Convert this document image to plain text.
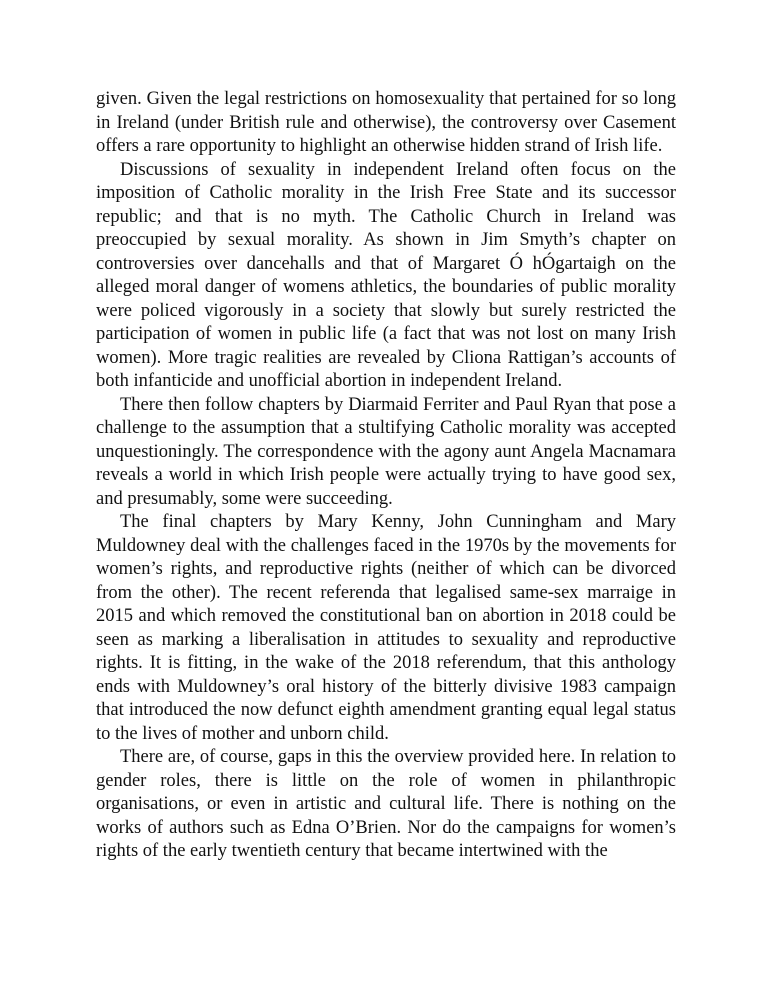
given. Given the legal restrictions on homosexuality that pertained for so long in Ireland (under British rule and otherwise), the controversy over Casement offers a rare opportunity to highlight an otherwise hidden strand of Irish life.

Discussions of sexuality in independent Ireland often focus on the imposition of Catholic morality in the Irish Free State and its successor republic; and that is no myth. The Catholic Church in Ireland was preoccupied by sexual morality. As shown in Jim Smyth’s chapter on controversies over dancehalls and that of Margaret Ó hÓgartaigh on the alleged moral danger of womens athletics, the boundaries of public morality were policed vigorously in a society that slowly but surely restricted the participation of women in public life (a fact that was not lost on many Irish women). More tragic realities are revealed by Cliona Rattigan’s accounts of both infanticide and unofficial abortion in independent Ireland.

There then follow chapters by Diarmaid Ferriter and Paul Ryan that pose a challenge to the assumption that a stultifying Catholic morality was accepted unquestioningly. The correspondence with the agony aunt Angela Macnamara reveals a world in which Irish people were actually trying to have good sex, and presumably, some were succeeding.

The final chapters by Mary Kenny, John Cunningham and Mary Muldowney deal with the challenges faced in the 1970s by the movements for women’s rights, and reproductive rights (neither of which can be divorced from the other). The recent referenda that legalised same-sex marraige in 2015 and which removed the constitutional ban on abortion in 2018 could be seen as marking a liberalisation in attitudes to sexuality and reproductive rights. It is fitting, in the wake of the 2018 referendum, that this anthology ends with Muldowney’s oral history of the bitterly divisive 1983 campaign that introduced the now defunct eighth amendment granting equal legal status to the lives of mother and unborn child.

There are, of course, gaps in this the overview provided here. In relation to gender roles, there is little on the role of women in philanthropic organisations, or even in artistic and cultural life. There is nothing on the works of authors such as Edna O’Brien. Nor do the campaigns for women’s rights of the early twentieth century that became intertwined with the
